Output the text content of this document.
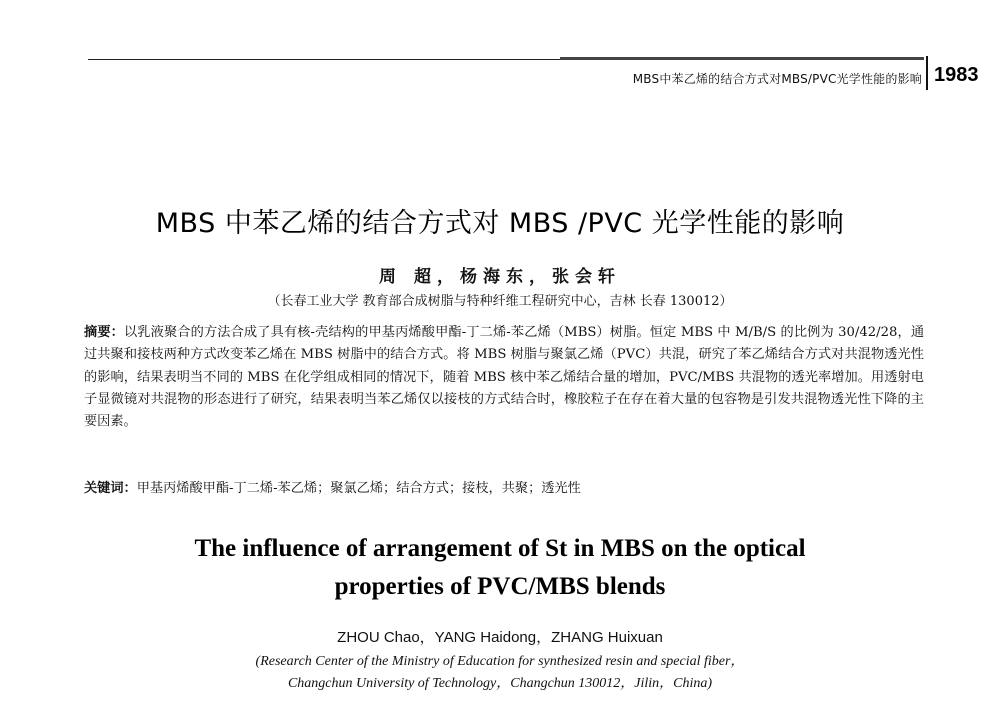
MBS中苯乙烯的结合方式对MBS/PVC光学性能的影响 1983
MBS 中苯乙烯的结合方式对 MBS /PVC 光学性能的影响
周 超，杨海东，张会轩
（长春工业大学 教育部合成树脂与特种纤维工程研究中心，吉林 长春 130012）
摘要：以乳液聚合的方法合成了具有核-壳结构的甲基丙烯酸甲酯-丁二烯-苯乙烯（MBS）树脂。恒定 MBS 中 M/B/S 的比例为 30/42/28，通过共聚和接枝两种方式改变苯乙烯在 MBS 树脂中的结合方式。将 MBS 树脂与聚氯乙烯（PVC）共混，研究了苯乙烯结合方式对共混物透光性的影响，结果表明当不同的 MBS 在化学组成相同的情况下，随着 MBS 核中苯乙烯结合量的增加，PVC/MBS 共混物的透光率增加。用透射电子显微镜对共混物的形态进行了研究，结果表明当苯乙烯仅以接枝的方式结合时，橡胶粒子在存在着大量的包容物是引发共混物透光性下降的主要因素。
关键词：甲基丙烯酸甲酯-丁二烯-苯乙烯；聚氯乙烯；结合方式；接枝，共聚；透光性
The influence of arrangement of St in MBS on the optical
properties of PVC/MBS blends
ZHOU Chao，YANG Haidong，ZHANG Huixuan
(Research Center of the Ministry of Education for synthesized resin and special fiber，
Changchun University of Technology，Changchun 130012，Jilin，China)
